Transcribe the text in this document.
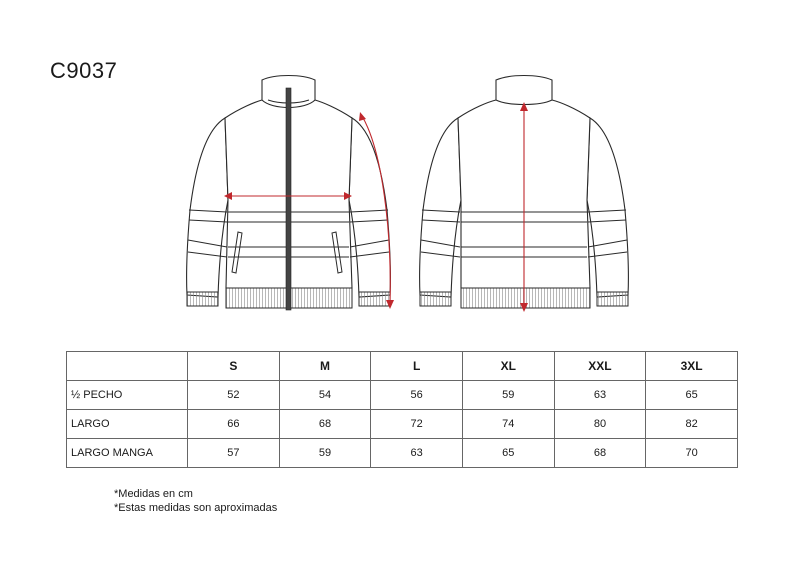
C9037
	S	M	L	XL	XXL	3XL
½ PECHO	52	54	56	59	63	65
LARGO	66	68	72	74	80	82
LARGO MANGA	57	59	63	65	68	70
*Medidas en cm
*Estas medidas son aproximadas
